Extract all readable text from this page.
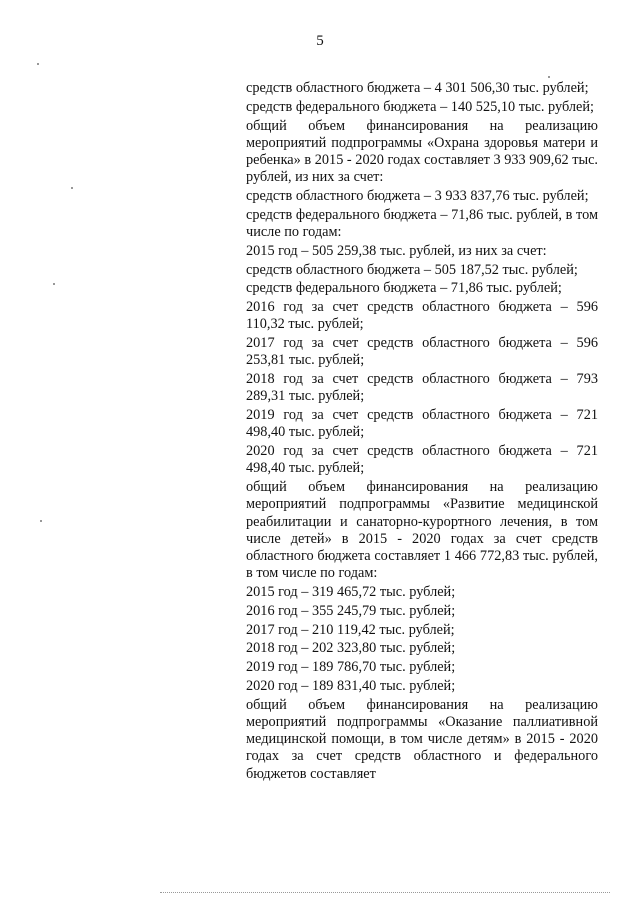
5

средств областного бюджета – 4 301 506,30 тыс. рублей;

средств федерального бюджета – 140 525,10 тыс. рублей;

общий объем финансирования на реализацию мероприятий подпрограммы «Охрана здоровья матери и ребенка» в 2015 - 2020 годах составляет 3 933 909,62 тыс. рублей, из них за счет:

средств областного бюджета – 3 933 837,76 тыс. рублей;

средств федерального бюджета – 71,86 тыс. рублей, в том числе по годам:

2015 год – 505 259,38 тыс. рублей, из них за счет:

средств областного бюджета – 505 187,52 тыс. рублей;

средств федерального бюджета – 71,86 тыс. рублей;

2016 год за счет средств областного бюджета – 596 110,32 тыс. рублей;

2017 год за счет средств областного бюджета – 596 253,81 тыс. рублей;

2018 год за счет средств областного бюджета – 793 289,31 тыс. рублей;

2019 год за счет средств областного бюджета – 721 498,40 тыс. рублей;

2020 год за счет средств областного бюджета – 721 498,40 тыс. рублей;

общий объем финансирования на реализацию мероприятий подпрограммы «Развитие медицинской реабилитации и санаторно-курортного лечения, в том числе детей» в 2015 - 2020 годах за счет средств областного бюджета составляет 1 466 772,83 тыс. рублей, в том числе по годам:

2015 год – 319 465,72 тыс. рублей;

2016 год – 355 245,79 тыс. рублей;

2017 год – 210 119,42 тыс. рублей;

2018 год – 202 323,80 тыс. рублей;

2019 год – 189 786,70 тыс. рублей;

2020 год – 189 831,40 тыс. рублей;

общий объем финансирования на реализацию мероприятий подпрограммы «Оказание паллиативной медицинской помощи, в том числе детям» в 2015 - 2020 годах за счет средств областного и федерального бюджетов составляет
